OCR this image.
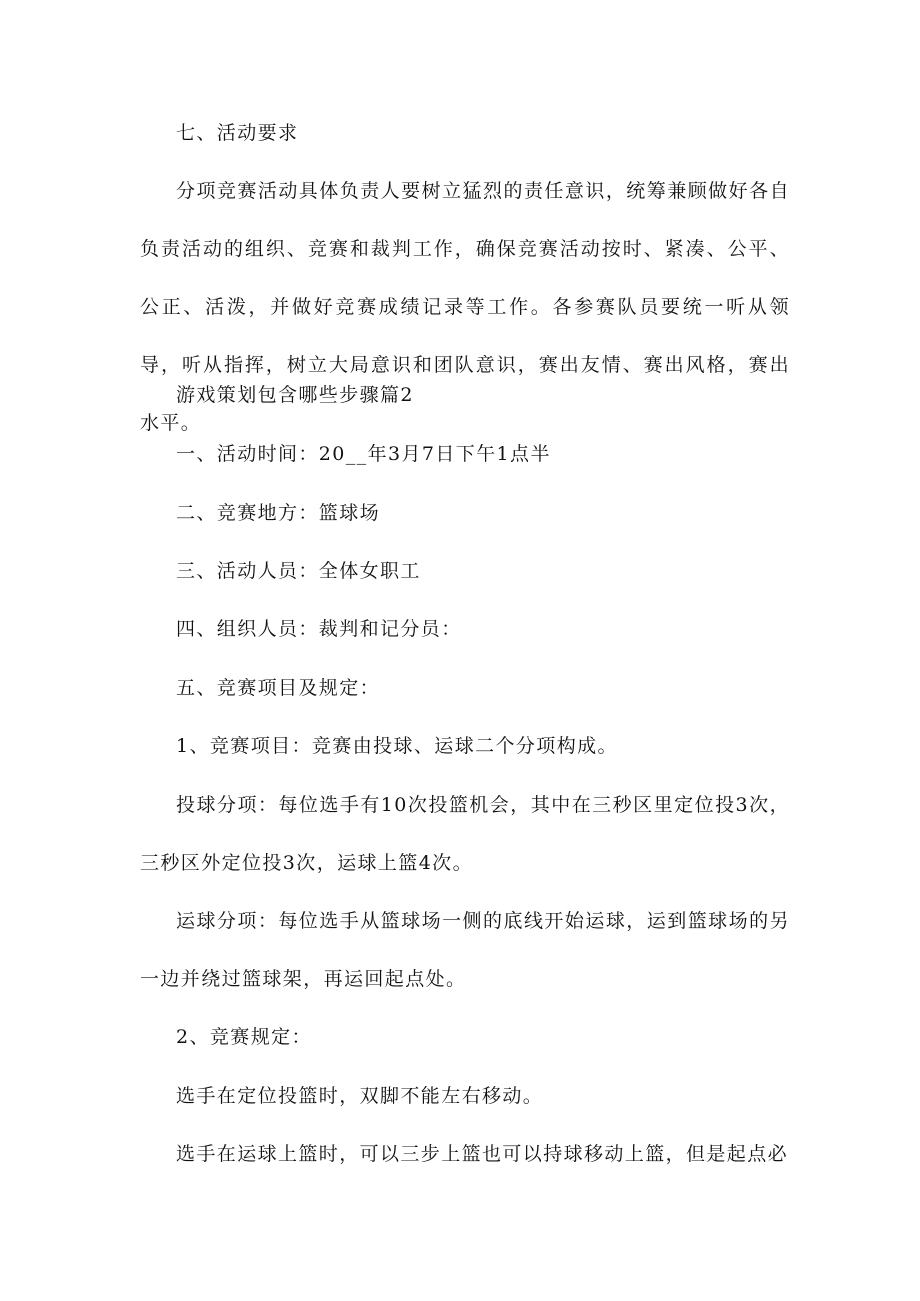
七、活动要求

分项竞赛活动具体负责人要树立猛烈的责任意识，统筹兼顾做好各自负责活动的组织、竞赛和裁判工作，确保竞赛活动按时、紧凑、公平、公正、活泼，并做好竞赛成绩记录等工作。各参赛队员要统一听从领导，听从指挥，树立大局意识和团队意识，赛出友情、赛出风格，赛出水平。

游戏策划包含哪些步骤篇2

一、活动时间：20__年3月7日下午1点半

二、竞赛地方：篮球场

三、活动人员：全体女职工

四、组织人员：裁判和记分员：

五、竞赛项目及规定：

1、竞赛项目：竞赛由投球、运球二个分项构成。

投球分项：每位选手有10次投篮机会，其中在三秒区里定位投3次，三秒区外定位投3次，运球上篮4次。

运球分项：每位选手从篮球场一侧的底线开始运球，运到篮球场的另一边并绕过篮球架，再运回起点处。

2、竞赛规定：

选手在定位投篮时，双脚不能左右移动。

选手在运球上篮时，可以三步上篮也可以持球移动上篮，但是起点必
